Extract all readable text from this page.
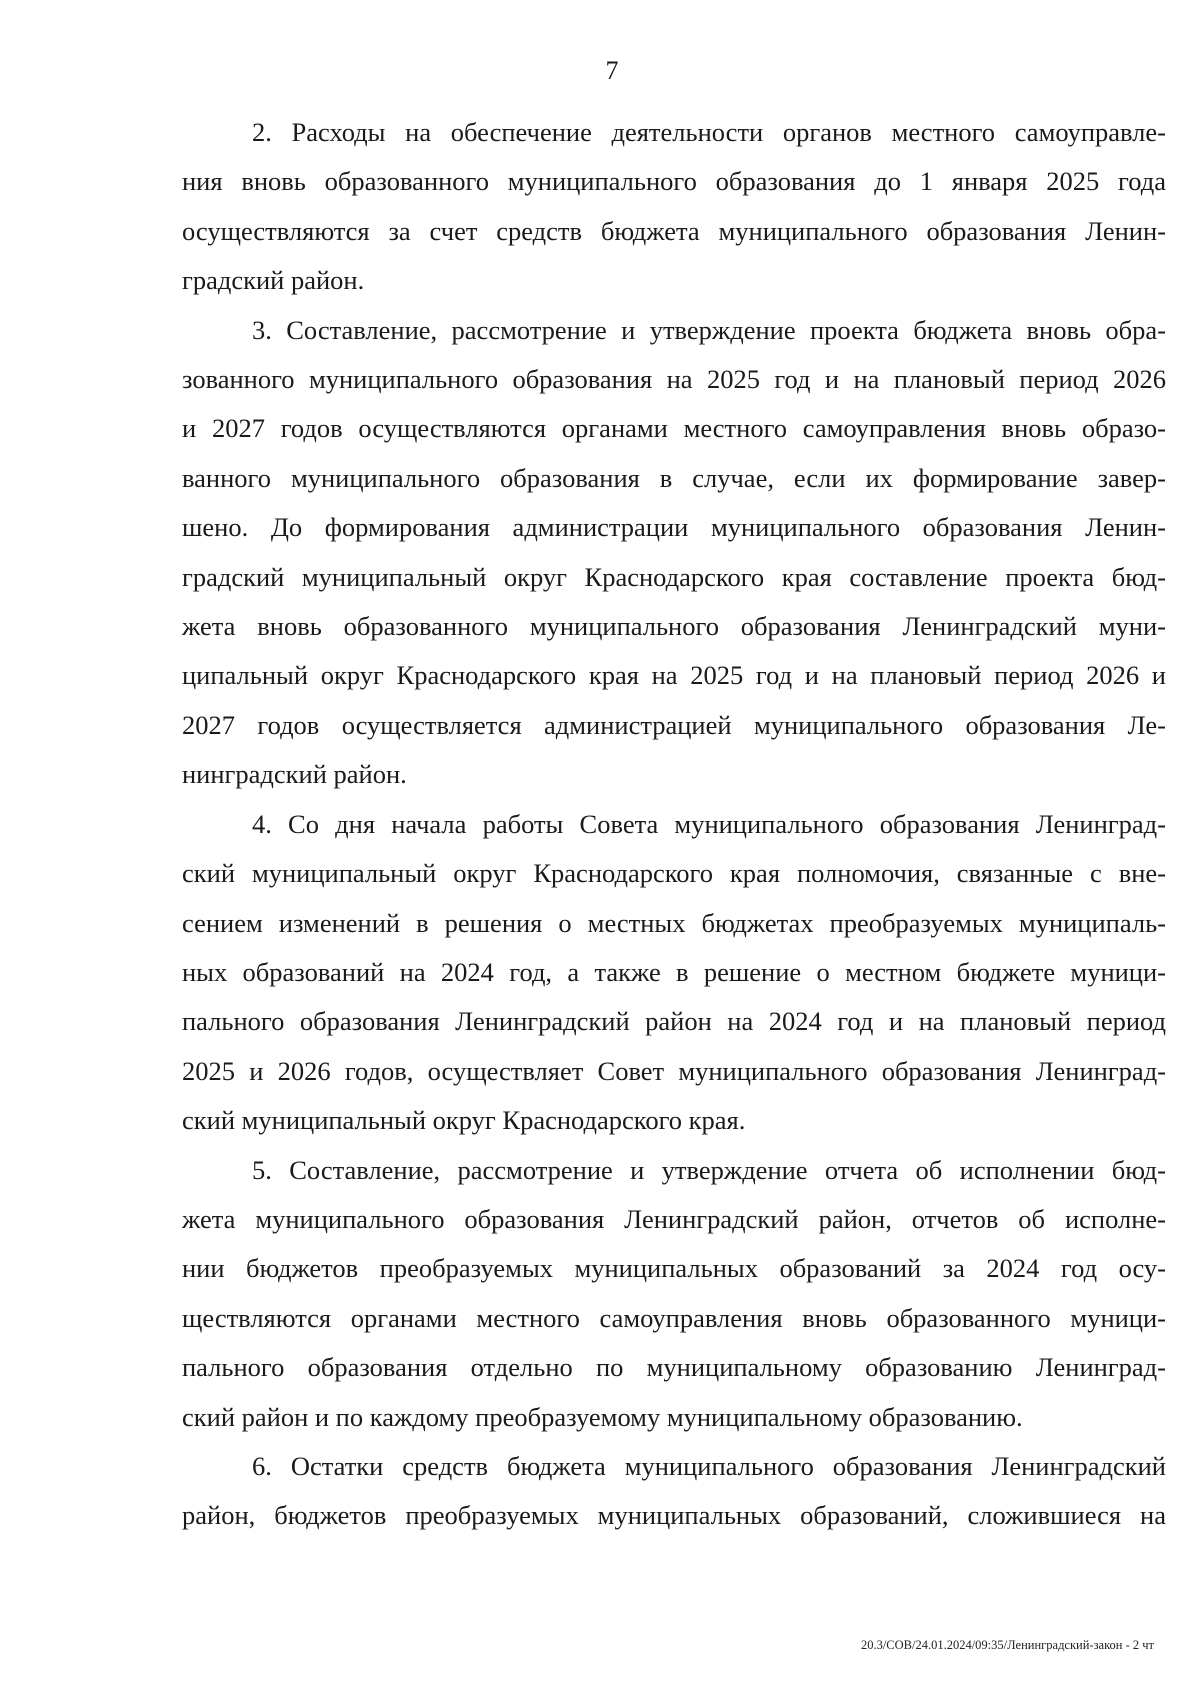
7
2. Расходы на обеспечение деятельности органов местного самоуправле-
ния вновь образованного муниципального образования до 1 января 2025 года
осуществляются за счет средств бюджета муниципального образования Ленин-
градский район.
3. Составление, рассмотрение и утверждение проекта бюджета вновь обра-
зованного муниципального образования на 2025 год и на плановый период 2026
и 2027 годов осуществляются органами местного самоуправления вновь образо-
ванного муниципального образования в случае, если их формирование завер-
шено. До формирования администрации муниципального образования Ленин-
градский муниципальный округ Краснодарского края составление проекта бюд-
жета вновь образованного муниципального образования Ленинградский муни-
ципальный округ Краснодарского края на 2025 год и на плановый период 2026 и
2027 годов осуществляется администрацией муниципального образования Ле-
нинградский район.
4. Со дня начала работы Совета муниципального образования Ленинград-
ский муниципальный округ Краснодарского края полномочия, связанные с вне-
сением изменений в решения о местных бюджетах преобразуемых муниципаль-
ных образований на 2024 год, а также в решение о местном бюджете муници-
пального образования Ленинградский район на 2024 год и на плановый период
2025 и 2026 годов, осуществляет Совет муниципального образования Ленинград-
ский муниципальный округ Краснодарского края.
5. Составление, рассмотрение и утверждение отчета об исполнении бюд-
жета муниципального образования Ленинградский район, отчетов об исполне-
нии бюджетов преобразуемых муниципальных образований за 2024 год осу-
ществляются органами местного самоуправления вновь образованного муници-
пального образования отдельно по муниципальному образованию Ленинград-
ский район и по каждому преобразуемому муниципальному образованию.
6. Остатки средств бюджета муниципального образования Ленинградский
район, бюджетов преобразуемых муниципальных образований, сложившиеся на
20.3/СОВ/24.01.2024/09:35/Ленинградский-закон - 2 чт
